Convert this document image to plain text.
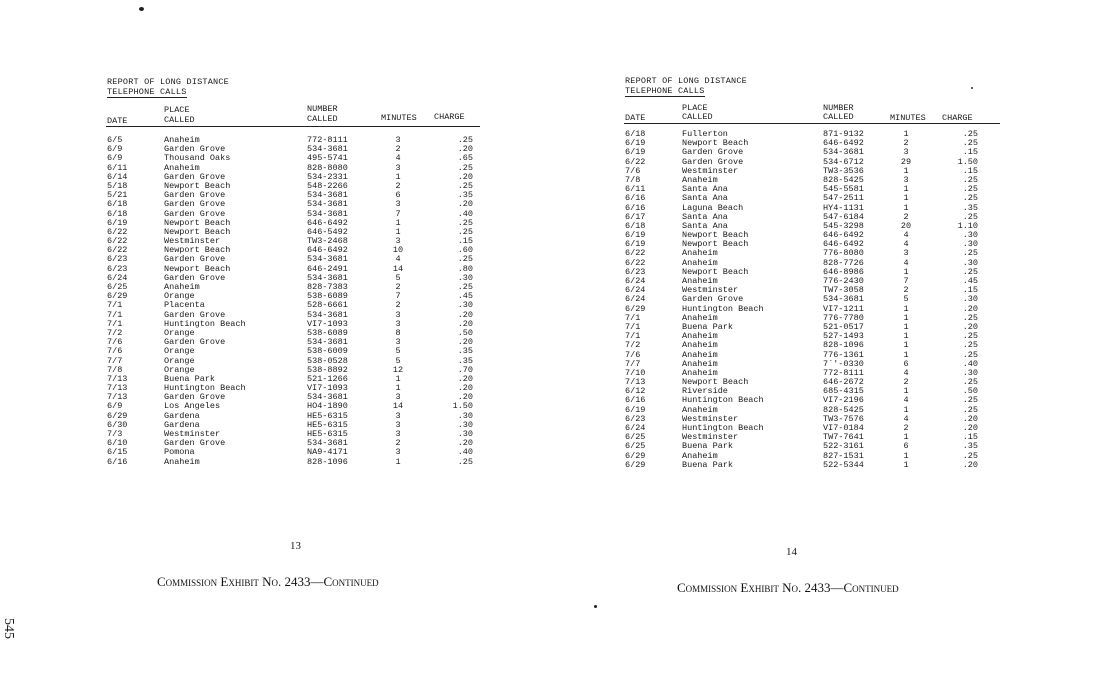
REPORT OF LONG DISTANCE
TELEPHONE CALLS
PLACE
DATE	CALLED
NUMBER
CALLED	MINUTES CHARGE
6/5	Anaheim	772-8111	3	.25
6/9	Garden Grove	534-3681	2	.20
6/9	Thousand Oaks	495-5741	4	.65
6/11	Anaheim	828-8080	3	.25
6/14	Garden Grove	534-2331	1	.20
5/18	Newport Beach	548-2266	2	.25
5/21	Garden Grove	534-3681	6	.35
6/18	Garden Grove	534-3681	3	.20
6/18	Garden Grove	534-3681	7	.40
6/19	Newport Beach	646-6492	1	.25
6/22	Newport Beach	646-5492	1	.25
6/22	Westminster	TW3-2468	3	.15
6/22	Newport Beach	646-6492	10	.60
6/23	Garden Grove	534-3681	4	.25
6/23	Newport Beach	646-2491	14	.80
6/24	Garden Grove	534-3681	5	.30
6/25	Anaheim	828-7383	2	.25
6/29	Orange	538-6089	7	.45
7/1	Placenta	528-6661	2	.30
7/1	Garden Grove	534-3681	3	.20
7/1	Huntington Beach	VI7-1093	3	.20
7/2	Orange	538-6089	8	.50
7/6	Garden Grove	534-3681	3	.20
7/6	Orange	538-6009	5	.35
7/7	Orange	538-0528	5	.35
7/8	Orange	538-8892	12	.70
7/13	Buena Park	521-1266	1	.20
7/13	Huntington Beach	VI7-1093	1	.20
7/13	Garden Grove	534-3681	3	.20
6/9	Los Angeles	HO4-1890	14	1.50
6/29	Gardena	HE5-6315	3	.30
6/30	Gardena	HE5-6315	3	.30
7/3	Westminster	HE5-6315	3	.30
6/10	Garden Grove	534-3681	2	.20
6/15	Pomona	NA9-4171	3	.40
6/16	Anaheim	828-1096	1	.25
13
Commission Exhibit No. 2433—Continued
545
REPORT OF LONG DISTANCE
TELEPHONE CALLS
PLACE
DATE	CALLED
NUMBER
CALLED	MINUTES CHARGE
6/18	Fullerton	871-9132	1	.25
6/19	Newport Beach	646-6492	2	.25
6/19	Garden Grove	534-3681	3	.15
6/22	Garden Grove	534-6712	29	1.50
7/6	Westminster	TW3-3536	1	.15
7/8	Anaheim	828-5425	3	.25
6/11	Santa Ana	545-5581	1	.25
6/16	Santa Ana	547-2511	1	.25
6/16	Laguna Beach	HY4-1131	1	.35
6/17	Santa Ana	547-6184	2	.25
6/18	Santa Ana	545-3298	20	1.10
6/19	Newport Beach	646-6492	4	.30
6/19	Newport Beach	646-6492	4	.30
6/22	Anaheim	776-8080	3	.25
6/22	Anaheim	828-7726	4	.30
6/23	Newport Beach	646-8986	1	.25
6/24	Anaheim	776-2430	7	.45
6/24	Westminster	TW7-3058	2	.15
6/24	Garden Grove	534-3681	5	.30
6/29	Huntington Beach	VI7-1211	1	.20
7/1	Anaheim	776-7780	1	.25
7/1	Buena Park	521-0517	1	.20
7/1	Anaheim	527-1493	1	.25
7/2	Anaheim	828-1096	1	.25
7/6	Anaheim	776-1361	1	.25
7/7	Anaheim	7`'-0330	6	.40
7/10	Anaheim	772-8111	4	.30
7/13	Newport Beach	646-2672	2	.25
6/12	Riverside	685-4315	1	.50
6/16	Huntington Beach	VI7-2196	4	.25
6/19	Anaheim	828-5425	1	.25
6/23	Westminster	TW3-7576	4	.20
6/24	Huntington Beach	VI7-0184	2	.20
6/25	Westminster	TW7-7641	1	.15
6/25	Buena Park	522-3161	6	.35
6/29	Anaheim	827-1531	1	.25
6/29	Buena Park	522-5344	1	.20
14
Commission Exhibit No. 2433—Continued
